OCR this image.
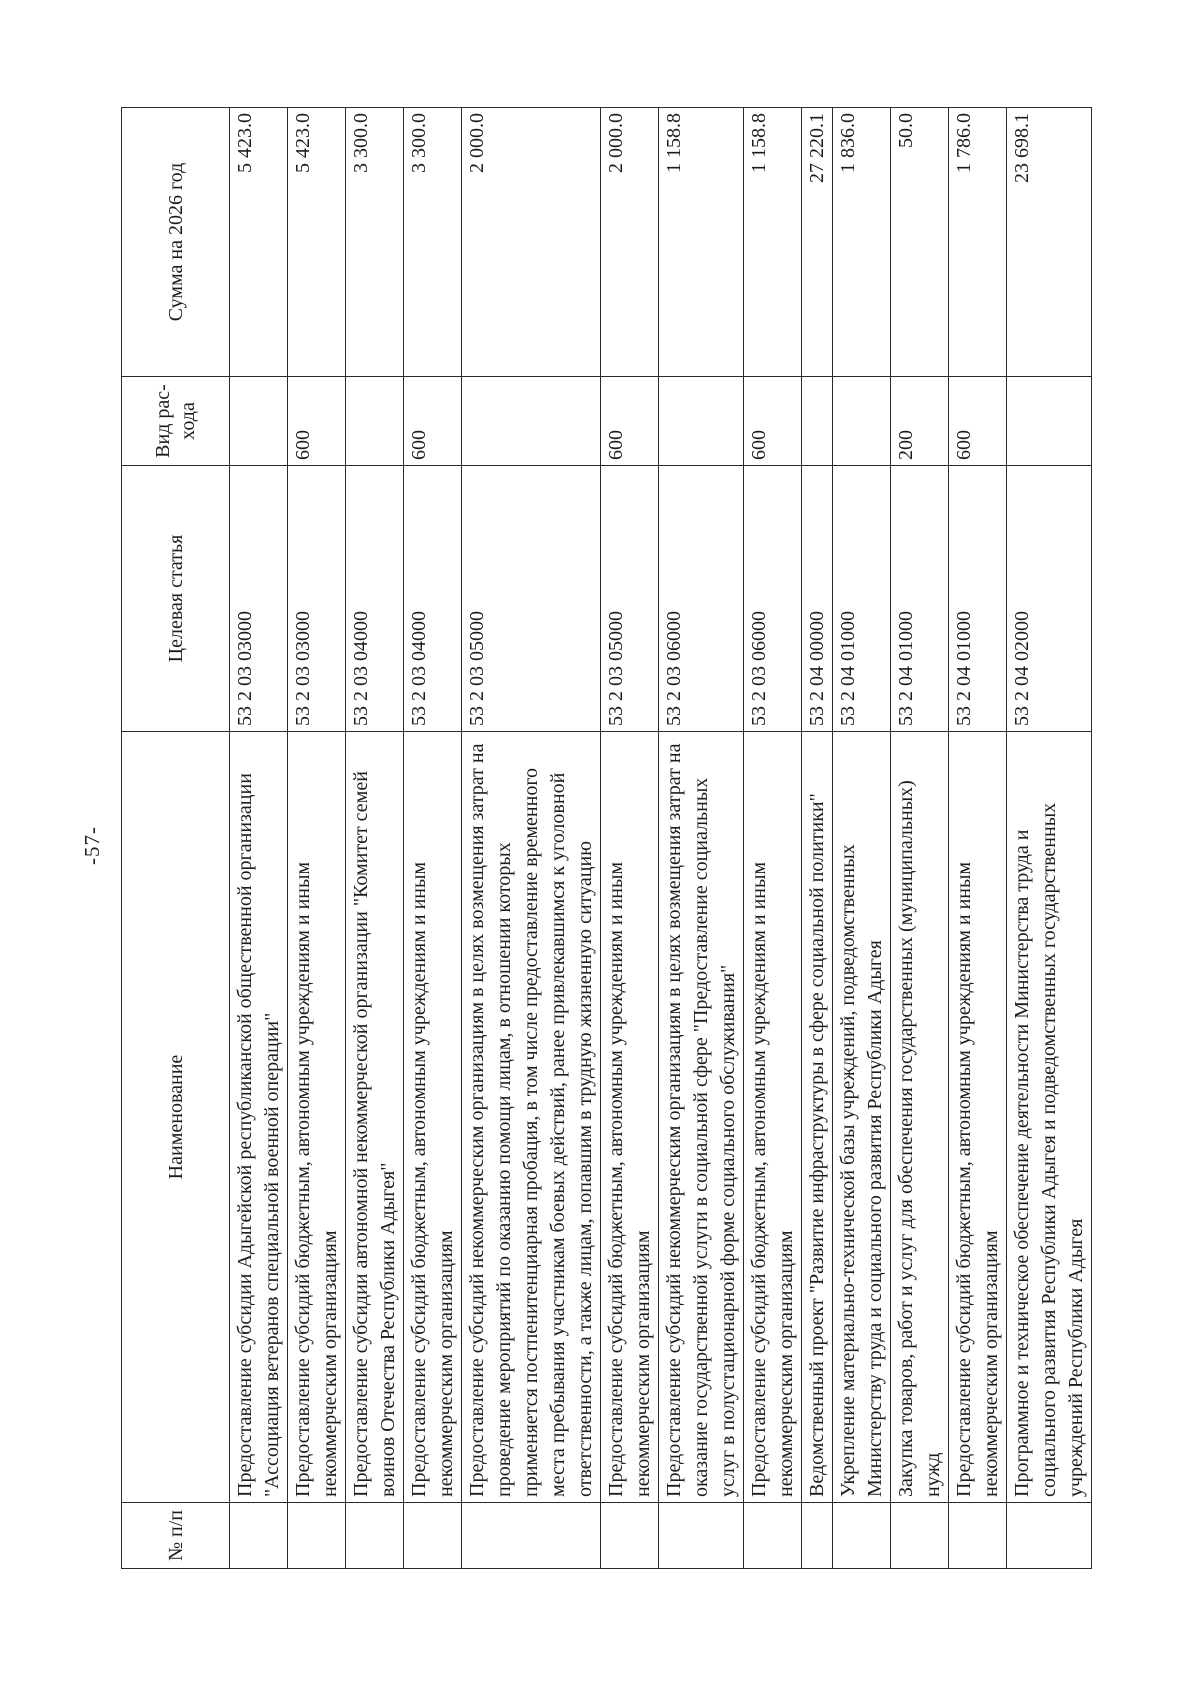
-57-
№ п/п	Наименование	Целевая статья	Вид рас-хода	Сумма на 2026 год
	Предоставление субсидии Адыгейской республиканской общественной организации "Ассоциация ветеранов специальной военной операции"	53 2 03 03000		5 423.0
	Предоставление субсидий бюджетным, автономным учреждениям и иным некоммерческим организациям	53 2 03 03000	600	5 423.0
	Предоставление субсидии автономной некоммерческой организации "Комитет семей воинов Отечества Республики Адыгея"	53 2 03 04000		3 300.0
	Предоставление субсидий бюджетным, автономным учреждениям и иным некоммерческим организациям	53 2 03 04000	600	3 300.0
	Предоставление субсидий некоммерческим организациям в целях возмещения затрат на проведение мероприятий по оказанию помощи лицам, в отношении которых применяется постпенитенциарная пробация, в том числе предоставление временного места пребывания участникам боевых действий, ранее привлекавшимся к уголовной ответственности, а также лицам, попавшим в трудную жизненную ситуацию	53 2 03 05000		2 000.0
	Предоставление субсидий бюджетным, автономным учреждениям и иным некоммерческим организациям	53 2 03 05000	600	2 000.0
	Предоставление субсидий некоммерческим организациям в целях возмещения затрат на оказание государственной услуги в социальной сфере "Предоставление социальных услуг в полустационарной форме социального обслуживания"	53 2 03 06000		1 158.8
	Предоставление субсидий бюджетным, автономным учреждениям и иным некоммерческим организациям	53 2 03 06000	600	1 158.8
	Ведомственный проект "Развитие инфраструктуры в сфере социальной политики"	53 2 04 00000		27 220.1
	Укрепление материально-технической базы учреждений, подведомственных Министерству труда и социального развития Республики Адыгея	53 2 04 01000		1 836.0
	Закупка товаров, работ и услуг для обеспечения государственных (муниципальных) нужд	53 2 04 01000	200	50.0
	Предоставление субсидий бюджетным, автономным учреждениям и иным некоммерческим организациям	53 2 04 01000	600	1 786.0
	Программное и техническое обеспечение деятельности Министерства труда и социального развития Республики Адыгея и подведомственных государственных учреждений Республики Адыгея	53 2 04 02000		23 698.1
